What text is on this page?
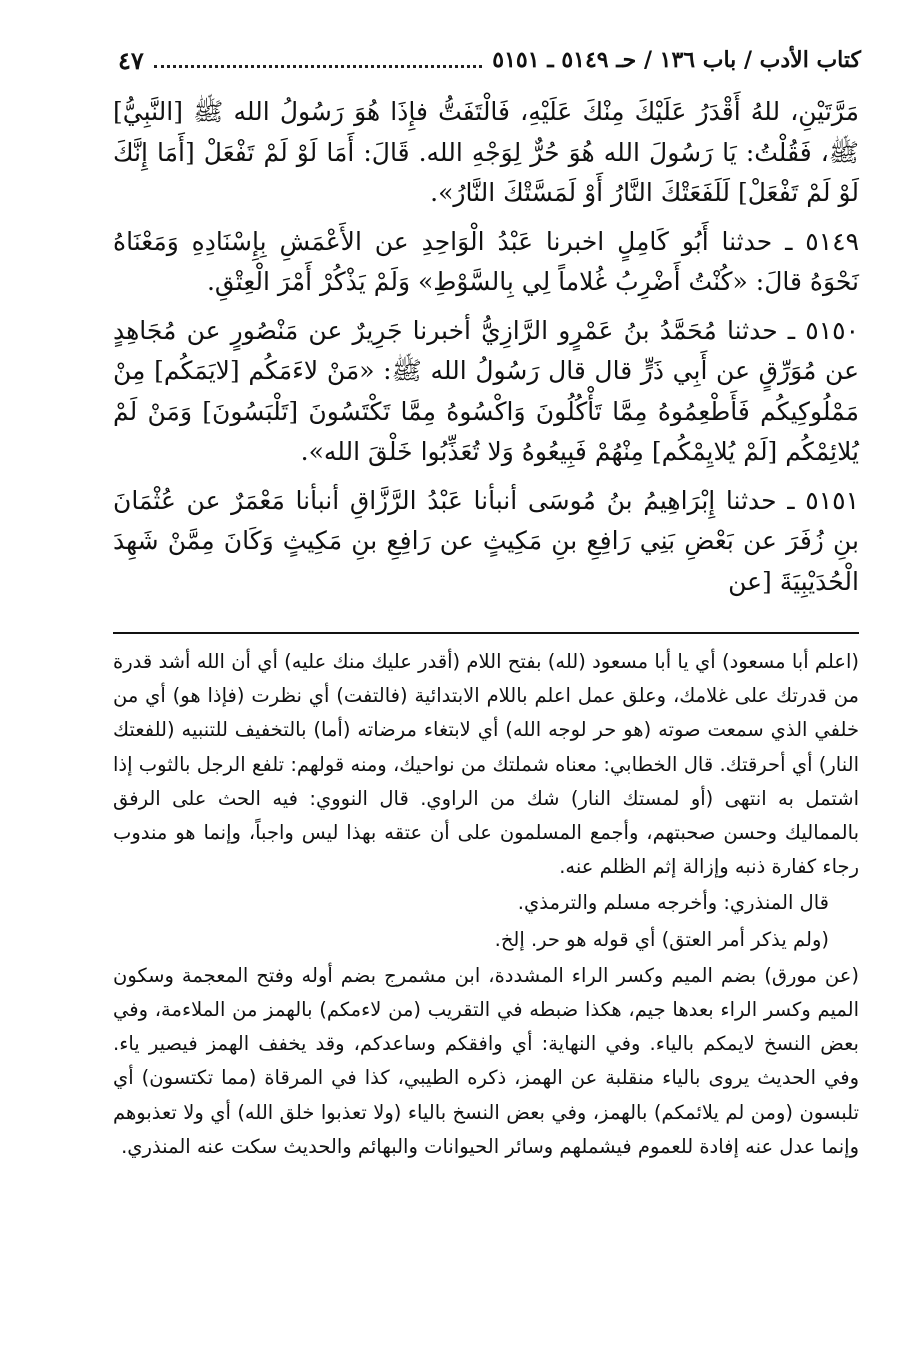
كتاب الأدب / باب ١٣٦ / حـ ٥١٤٩ ـ ٥١٥١
٤٧

مَرَّتَيْنِ، للهُ أَقْدَرُ عَلَيْكَ مِنْكَ عَلَيْهِ، فَالْتَفَتُّ فإِذَا هُوَ رَسُولُ الله ﷺ [النَّبِيُّ] ﷺ، فَقُلْتُ: يَا رَسُولَ الله هُوَ حُرٌّ لِوَجْهِ الله. قَالَ: أَمَا لَوْ لَمْ تَفْعَلْ [أَمَا إِنَّكَ لَوْ لَمْ تَفْعَلْ] لَلَفَعَتْكَ النَّارُ أَوْ لَمَسَّتْكَ النَّارُ».

٥١٤٩ ـ حدثنا أَبُو كَامِلٍ اخبرنا عَبْدُ الْوَاحِدِ عن الأَعْمَشِ بِإِسْنَادِهِ وَمَعْنَاهُ نَحْوَهُ قالَ: «كُنْتُ أَضْرِبُ غُلاماً لِي بِالسَّوْطِ» وَلَمْ يَذْكُرْ أَمْرَ الْعِتْقِ.

٥١٥٠ ـ حدثنا مُحَمَّدُ بنُ عَمْرٍو الرَّازِيُّ أخبرنا جَرِيرٌ عن مَنْصُورٍ عن مُجَاهِدٍ عن مُوَرِّقٍ عن أَبِي ذَرٍّ قال قال رَسُولُ الله ﷺ: «مَنْ لاءَمَكُم [لايَمَكُم] مِنْ مَمْلُوكِيكُم فَأَطْعِمُوهُ مِمَّا تَأْكُلُونَ وَاكْسُوهُ مِمَّا تَكْتَسُونَ [تَلْبَسُونَ] وَمَنْ لَمْ يُلائِمْكُم [لَمْ يُلايِمْكُم] مِنْهُمْ فَبِيعُوهُ وَلا تُعَذِّبُوا خَلْقَ الله».

٥١٥١ ـ حدثنا إِبْرَاهِيمُ بنُ مُوسَى أنبأنا عَبْدُ الرَّزَّاقِ أنبأنا مَعْمَرٌ عن عُثْمَانَ بنِ زُفَرَ عن بَعْضِ بَنِي رَافِعِ بنِ مَكِيثٍ عن رَافِعِ بنِ مَكِيثٍ وَكَانَ مِمَّنْ شَهِدَ الْحُدَيْبِيَةَ [عن

(اعلم أبا مسعود) أي يا أبا مسعود (لله) بفتح اللام (أقدر عليك منك عليه) أي أن الله أشد قدرة من قدرتك على غلامك، وعلق عمل اعلم باللام الابتدائية (فالتفت) أي نظرت (فإذا هو) أي من خلفي الذي سمعت صوته (هو حر لوجه الله) أي لابتغاء مرضاته (أما) بالتخفيف للتنبيه (للفعتك النار) أي أحرقتك. قال الخطابي: معناه شملتك من نواحيك، ومنه قولهم: تلفع الرجل بالثوب إذا اشتمل به انتهى (أو لمستك النار) شك من الراوي. قال النووي: فيه الحث على الرفق بالمماليك وحسن صحبتهم، وأجمع المسلمون على أن عتقه بهذا ليس واجباً، وإنما هو مندوب رجاء كفارة ذنبه وإزالة إثم الظلم عنه.

قال المنذري: وأخرجه مسلم والترمذي.

(ولم يذكر أمر العتق) أي قوله هو حر. إلخ.

(عن مورق) بضم الميم وكسر الراء المشددة، ابن مشمرج بضم أوله وفتح المعجمة وسكون الميم وكسر الراء بعدها جيم، هكذا ضبطه في التقريب (من لاءمكم) بالهمز من الملاءمة، وفي بعض النسخ لايمكم بالياء. وفي النهاية: أي وافقكم وساعدكم، وقد يخفف الهمز فيصير ياء. وفي الحديث يروى بالياء منقلبة عن الهمز، ذكره الطيبي، كذا في المرقاة (مما تكتسون) أي تلبسون (ومن لم يلائمكم) بالهمز، وفي بعض النسخ بالياء (ولا تعذبوا خلق الله) أي ولا تعذبوهم وإنما عدل عنه إفادة للعموم فيشملهم وسائر الحيوانات والبهائم والحديث سكت عنه المنذري.
